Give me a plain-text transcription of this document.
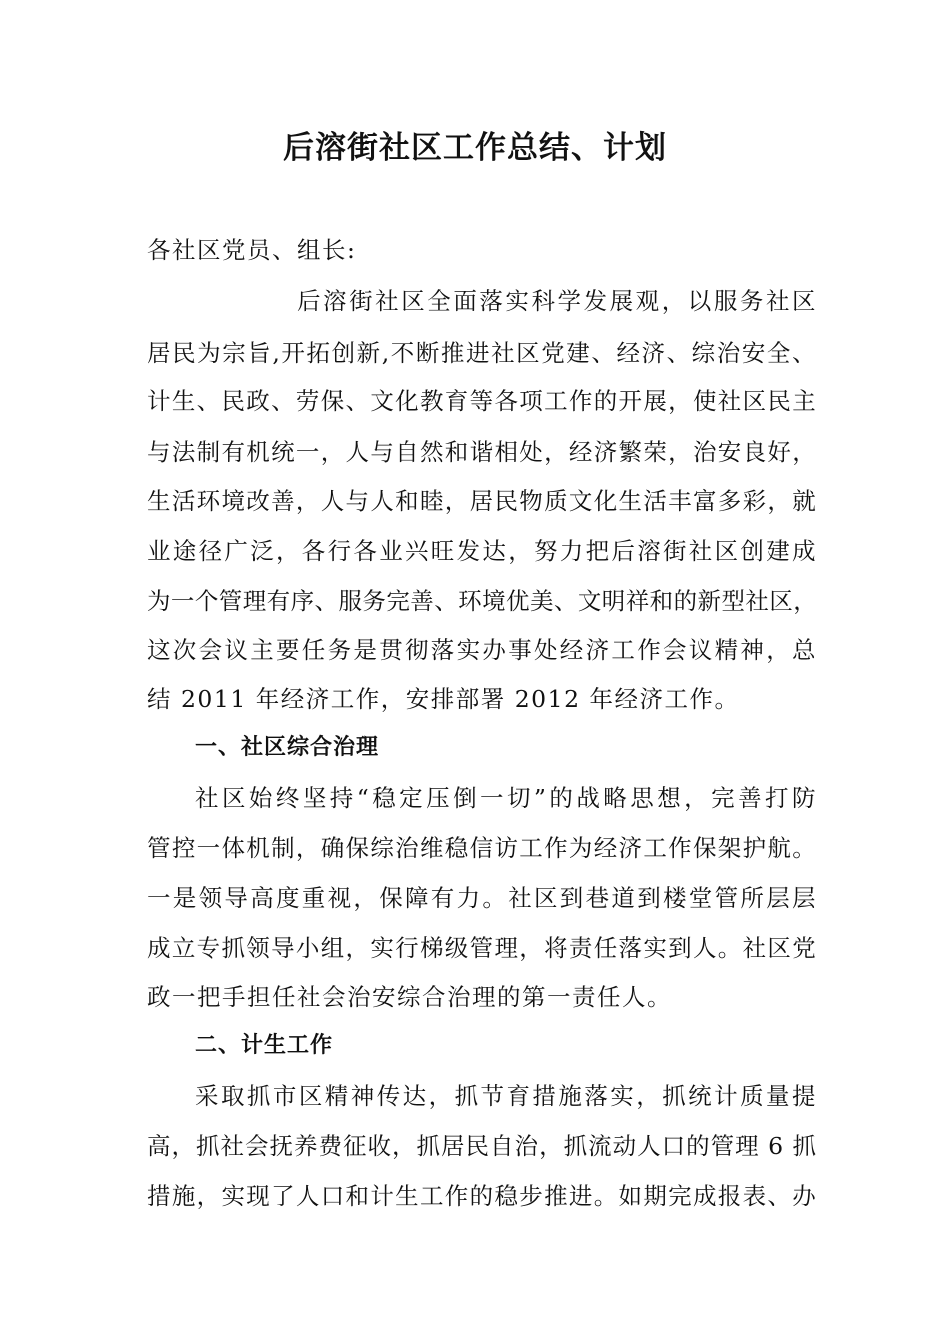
后溶街社区工作总结、计划
各社区党员、组长:
后溶街社区全面落实科学发展观，以服务社区
居民为宗旨,开拓创新,不断推进社区党建、经济、综治安全、
计生、民政、劳保、文化教育等各项工作的开展，使社区民主
与法制有机统一，人与自然和谐相处，经济繁荣，治安良好，
生活环境改善，人与人和睦，居民物质文化生活丰富多彩，就
业途径广泛，各行各业兴旺发达，努力把后溶街社区创建成
为一个管理有序、服务完善、环境优美、文明祥和的新型社区，
这次会议主要任务是贯彻落实办事处经济工作会议精神，总
结 2011 年经济工作，安排部署 2012 年经济工作。
一、社区综合治理
社区始终坚持“稳定压倒一切”的战略思想，完善打防
管控一体机制，确保综治维稳信访工作为经济工作保架护航。
一是领导高度重视，保障有力。社区到巷道到楼堂管所层层
成立专抓领导小组，实行梯级管理，将责任落实到人。社区党
政一把手担任社会治安综合治理的第一责任人。
二、计生工作
采取抓市区精神传达，抓节育措施落实，抓统计质量提
高，抓社会抚养费征收，抓居民自治，抓流动人口的管理 6 抓
措施，实现了人口和计生工作的稳步推进。如期完成报表、办
